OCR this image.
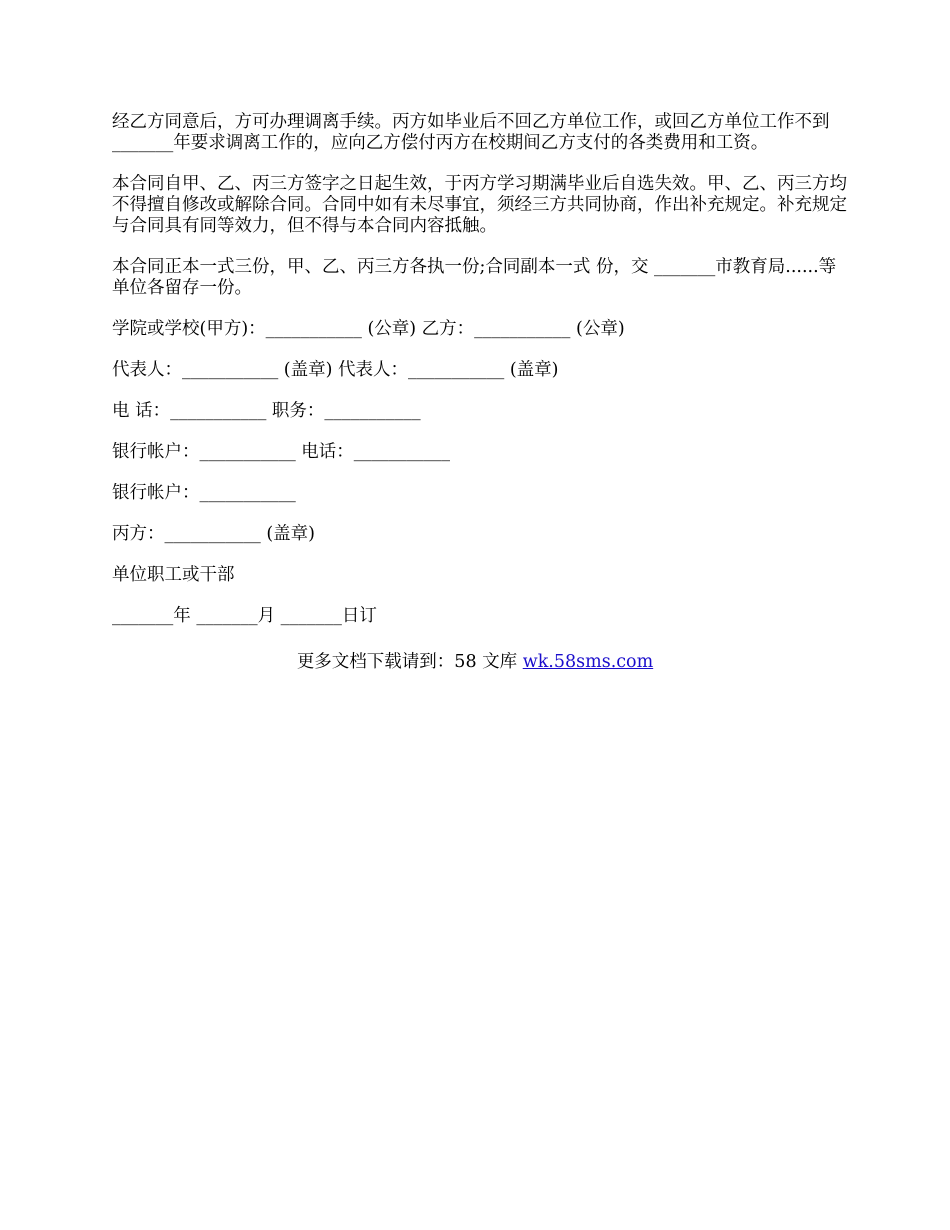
经乙方同意后，方可办理调离手续。丙方如毕业后不回乙方单位工作，或回乙方单位工作不到 _______年要求调离工作的，应向乙方偿付丙方在校期间乙方支付的各类费用和工资。

本合同自甲、乙、丙三方签字之日起生效，于丙方学习期满毕业后自选失效。甲、乙、丙三方均不得擅自修改或解除合同。合同中如有未尽事宜，须经三方共同协商，作出补充规定。补充规定与合同具有同等效力，但不得与本合同内容抵触。

本合同正本一式三份，甲、乙、丙三方各执一份;合同副本一式 份，交 _______市教育局......等单位各留存一份。

学院或学校(甲方)：___________ (公章) 乙方：___________ (公章)
代表人：___________ (盖章) 代表人：___________ (盖章)
电 话：___________ 职务：___________
银行帐户：___________ 电话：___________
银行帐户：___________
丙方：___________ (盖章)
单位职工或干部
_______年 _______月 _______日订
更多文档下载请到：58 文库 wk.58sms.com
